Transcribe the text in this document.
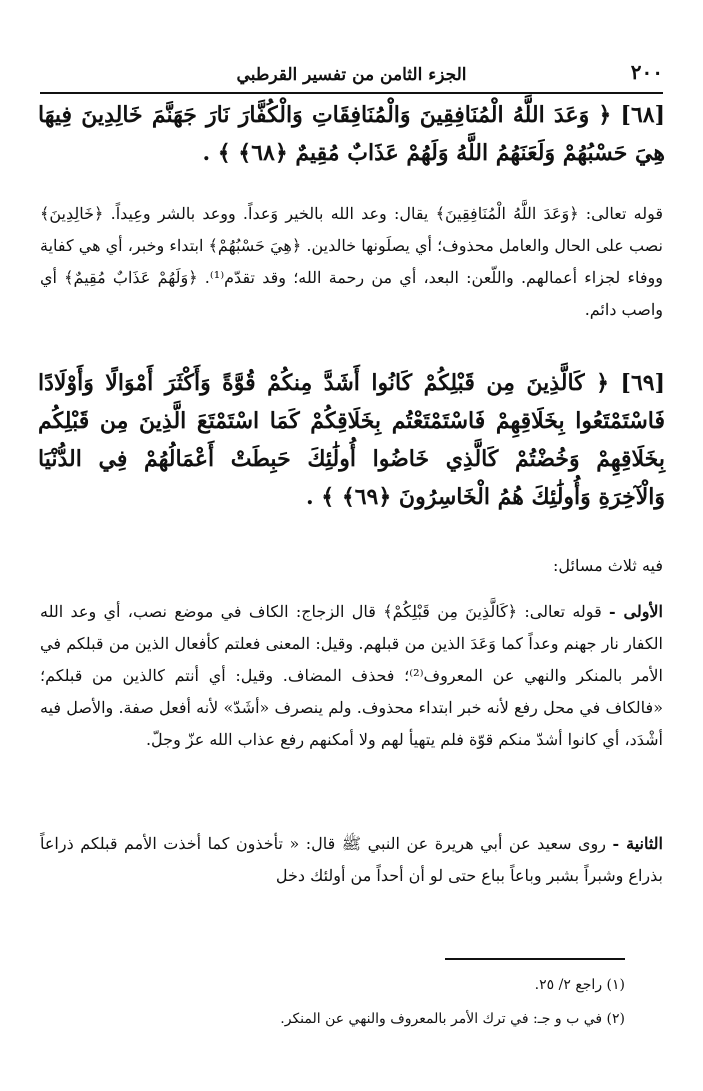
٢٠٠
الجزء الثامن من تفسير القرطبي
[٦٨] ﴿ وَعَدَ اللَّهُ الْمُنَافِقِينَ وَالْمُنَافِقَاتِ وَالْكُفَّارَ نَارَ جَهَنَّمَ خَالِدِينَ فِيهَا هِيَ حَسْبُهُمْ وَلَعَنَهُمُ اللَّهُ وَلَهُمْ عَذَابٌ مُقِيمٌ ﴿٦٨﴾ ﴾ .
قوله تعالى: ﴿وَعَدَ اللَّهُ الْمُنَافِقِينَ﴾ يقال: وعد الله بالخير وَعداً. ووعد بالشر وعِيداً. ﴿خَالِدِينَ﴾ نصب على الحال والعامل محذوف؛ أي يصلَونها خالدين. ﴿هِيَ حَسْبُهُمْ﴾ ابتداء وخبر، أي هي كفاية ووفاء لجزاء أعمالهم. واللّعن: البعد، أي من رحمة الله؛ وقد تقدّم⁽¹⁾. ﴿وَلَهُمْ عَذَابٌ مُقِيمٌ﴾ أي واصب دائم.
[٦٩] ﴿ كَالَّذِينَ مِن قَبْلِكُمْ كَانُوا أَشَدَّ مِنكُمْ قُوَّةً وَأَكْثَرَ أَمْوَالًا وَأَوْلَادًا فَاسْتَمْتَعُوا بِخَلَاقِهِمْ فَاسْتَمْتَعْتُم بِخَلَاقِكُمْ كَمَا اسْتَمْتَعَ الَّذِينَ مِن قَبْلِكُم بِخَلَاقِهِمْ وَخُضْتُمْ كَالَّذِي خَاضُوا أُولَٰئِكَ حَبِطَتْ أَعْمَالُهُمْ فِي الدُّنْيَا وَالْآخِرَةِ وَأُولَٰئِكَ هُمُ الْخَاسِرُونَ ﴿٦٩﴾ ﴾ .
فيه ثلاث مسائل:
الأولى - قوله تعالى: ﴿كَالَّذِينَ مِن قَبْلِكُمْ﴾ قال الزجاج: الكاف في موضع نصب، أي وعد الله الكفار نار جهنم وعداً كما وَعَدَ الذين من قبلهم. وقيل: المعنى فعلتم كأفعال الذين من قبلكم في الأمر بالمنكر والنهي عن المعروف⁽²⁾؛ فحذف المضاف. وقيل: أي أنتم كالذين من قبلكم؛ «فالكاف في محل رفع لأنه خبر ابتداء محذوف. ولم ينصرف «أشَدّ» لأنه أفعل صفة. والأصل فيه أشْدَد، أي كانوا أشدّ منكم قوّة فلم يتهيأ لهم ولا أمكنهم رفع عذاب الله عزّ وجلّ.
الثانية - روى سعيد عن أبي هريرة عن النبي ﷺ قال: « تأخذون كما أخذت الأمم قبلكم ذراعاً بذراع وشبراً بشبر وباعاً بباع حتى لو أن أحداً من أولئك دخل
(١) راجع ٢/ ٢٥.
(٢) في ب و جـ: في ترك الأمر بالمعروف والنهي عن المنكر.
